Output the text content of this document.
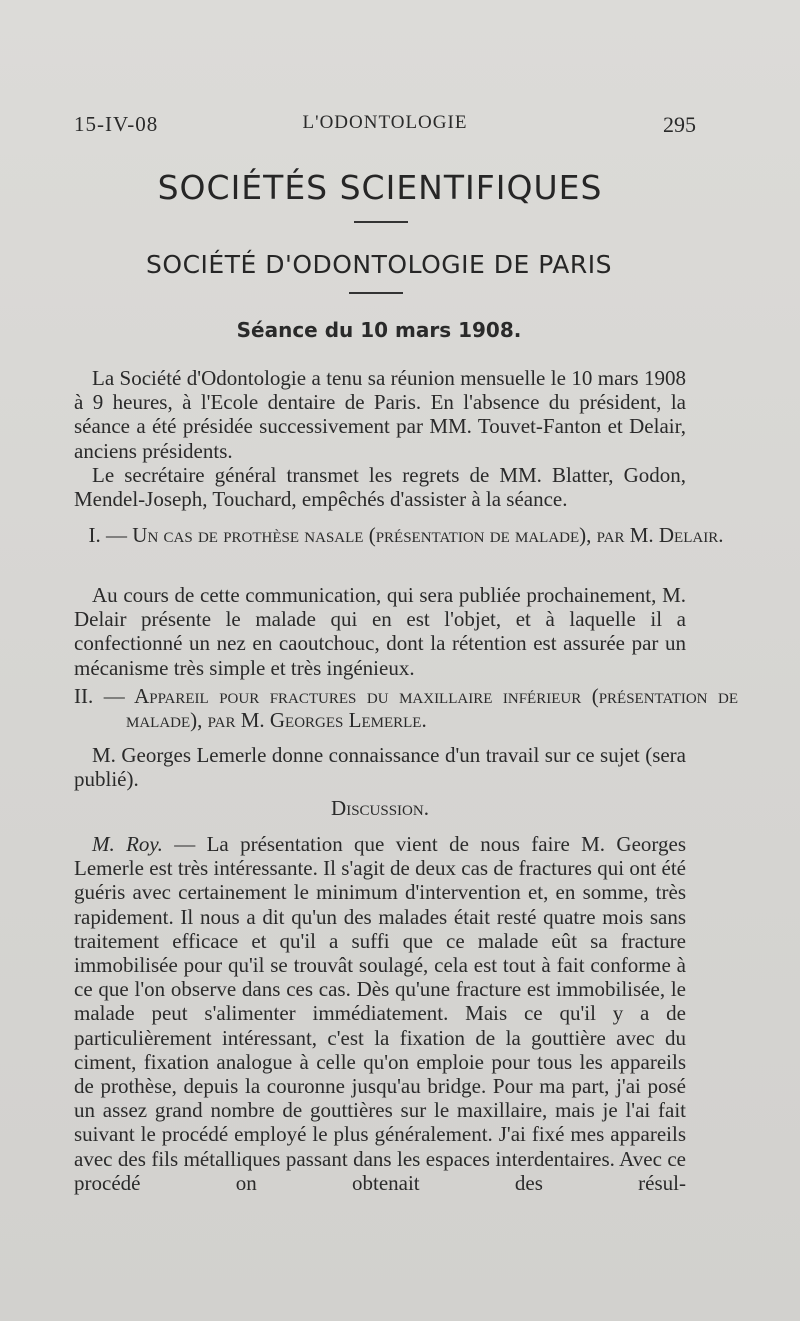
15-IV-08	L'ODONTOLOGIE	295
SOCIÉTÉS SCIENTIFIQUES
SOCIÉTÉ D'ODONTOLOGIE DE PARIS
Séance du 10 mars 1908.

La Société d'Odontologie a tenu sa réunion mensuelle le 10 mars 1908 à 9 heures, à l'Ecole dentaire de Paris. En l'absence du président, la séance a été présidée successivement par MM. Touvet-Fanton et Delair, anciens présidents.

Le secrétaire général transmet les regrets de MM. Blatter, Godon, Mendel-Joseph, Touchard, empêchés d'assister à la séance.

I. — Un cas de prothèse nasale (présentation de malade), par M. Delair.

Au cours de cette communication, qui sera publiée prochainement, M. Delair présente le malade qui en est l'objet, et à laquelle il a confectionné un nez en caoutchouc, dont la rétention est assurée par un mécanisme très simple et très ingénieux.

II. — Appareil pour fractures du maxillaire inférieur (présentation de malade), par M. Georges Lemerle.

M. Georges Lemerle donne connaissance d'un travail sur ce sujet (sera publié).

Discussion.

M. Roy. — La présentation que vient de nous faire M. Georges Lemerle est très intéressante. Il s'agit de deux cas de fractures qui ont été guéris avec certainement le minimum d'intervention et, en somme, très rapidement. Il nous a dit qu'un des malades était resté quatre mois sans traitement efficace et qu'il a suffi que ce malade eût sa fracture immobilisée pour qu'il se trouvât soulagé, cela est tout à fait conforme à ce que l'on observe dans ces cas. Dès qu'une fracture est immobilisée, le malade peut s'alimenter immédiatement. Mais ce qu'il y a de particulièrement intéressant, c'est la fixation de la gouttière avec du ciment, fixation analogue à celle qu'on emploie pour tous les appareils de prothèse, depuis la couronne jusqu'au bridge. Pour ma part, j'ai posé un assez grand nombre de gouttières sur le maxillaire, mais je l'ai fait suivant le procédé employé le plus généralement. J'ai fixé mes appareils avec des fils métalliques passant dans les espaces interdentaires. Avec ce procédé on obtenait des résul-
